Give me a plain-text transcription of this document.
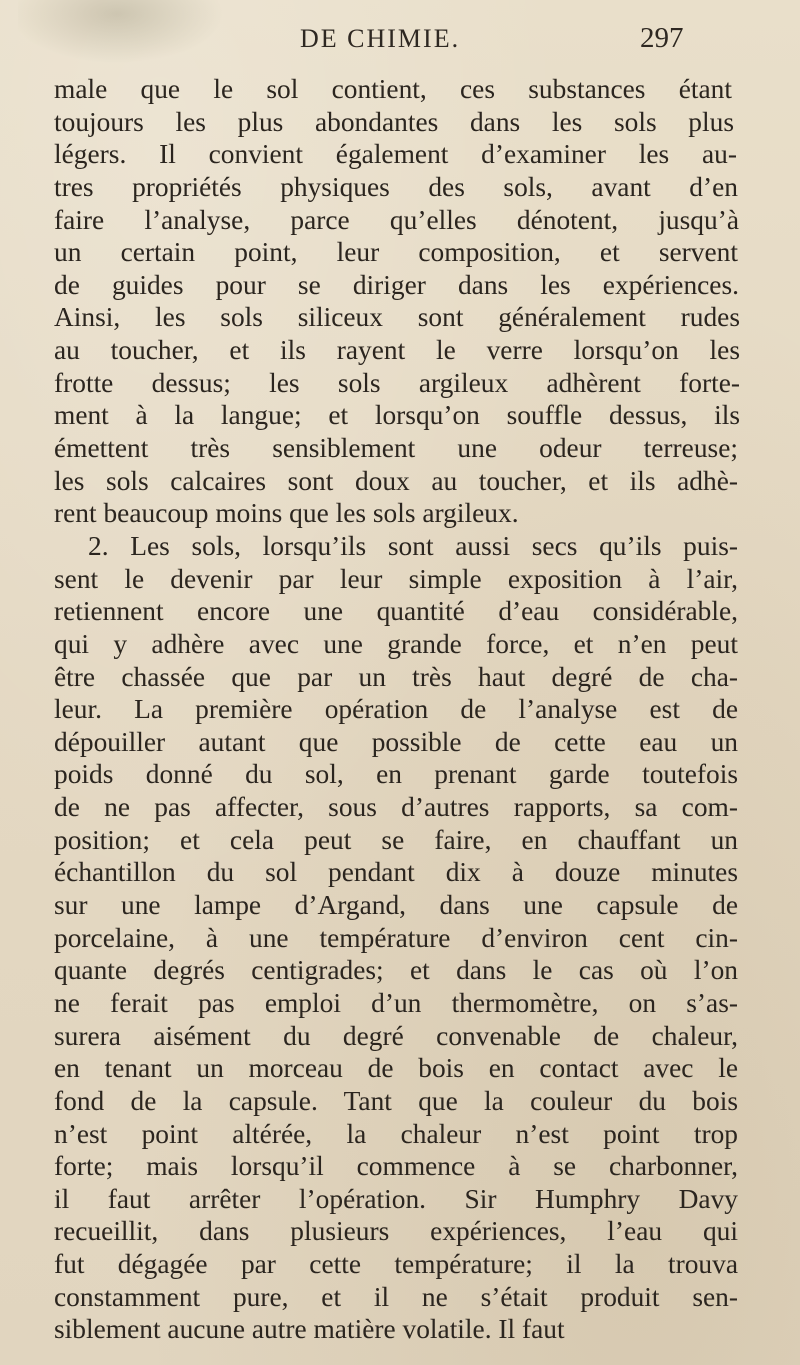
DE CHIMIE.	297
male que le sol contient, ces substances étant
toujours les plus abondantes dans les sols plus
légers. Il convient également d’examiner les au-
tres propriétés physiques des sols, avant d’en
faire l’analyse, parce qu’elles dénotent, jusqu’à
un certain point, leur composition, et servent
de guides pour se diriger dans les expériences.
Ainsi, les sols siliceux sont généralement rudes
au toucher, et ils rayent le verre lorsqu’on les
frotte dessus; les sols argileux adhèrent forte-
ment à la langue; et lorsqu’on souffle dessus, ils
émettent très sensiblement une odeur terreuse;
les sols calcaires sont doux au toucher, et ils adhè-
rent beaucoup moins que les sols argileux.
2. Les sols, lorsqu’ils sont aussi secs qu’ils puis-
sent le devenir par leur simple exposition à l’air,
retiennent encore une quantité d’eau considérable,
qui y adhère avec une grande force, et n’en peut
être chassée que par un très haut degré de cha-
leur. La première opération de l’analyse est de
dépouiller autant que possible de cette eau un
poids donné du sol, en prenant garde toutefois
de ne pas affecter, sous d’autres rapports, sa com-
position; et cela peut se faire, en chauffant un
échantillon du sol pendant dix à douze minutes
sur une lampe d’Argand, dans une capsule de
porcelaine, à une température d’environ cent cin-
quante degrés centigrades; et dans le cas où l’on
ne ferait pas emploi d’un thermomètre, on s’as-
surera aisément du degré convenable de chaleur,
en tenant un morceau de bois en contact avec le
fond de la capsule. Tant que la couleur du bois
n’est point altérée, la chaleur n’est point trop
forte; mais lorsqu’il commence à se charbonner,
il faut arrêter l’opération. Sir Humphry Davy
recueillit, dans plusieurs expériences, l’eau qui
fut dégagée par cette température; il la trouva
constamment pure, et il ne s’était produit sen-
siblement aucune autre matière volatile. Il faut
